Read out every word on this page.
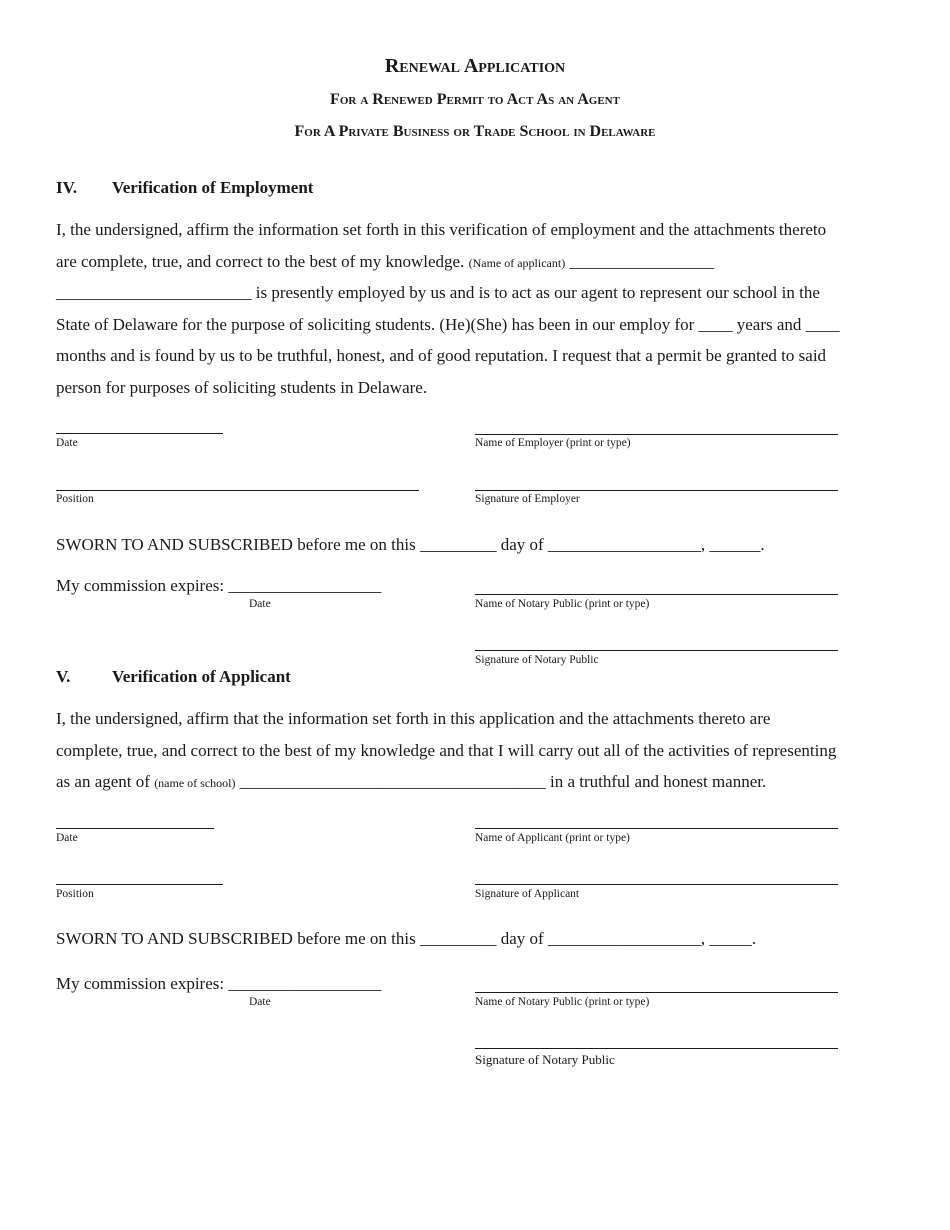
Renewal Application
For a Renewed Permit to Act As an Agent
For A Private Business or Trade School in Delaware
IV. Verification of Employment
I, the undersigned, affirm the information set forth in this verification of employment and the attachments thereto
are complete, true, and correct to the best of my knowledge. (Name of applicant) _________________
_______________________ is presently employed by us and is to act as our agent to represent our school in the
State of Delaware for the purpose of soliciting students. (He)(She) has been in our employ for ____ years and ____
months and is found by us to be truthful, honest, and of good reputation. I request that a permit be granted to said
person for purposes of soliciting students in Delaware.
Date	Name of Employer (print or type)
Position	Signature of Employer
SWORN TO AND SUBSCRIBED before me on this _________ day of __________________, ______.
My commission expires: __________________
Date	Name of Notary Public (print or type)
Signature of Notary Public
V. Verification of Applicant
I, the undersigned, affirm that the information set forth in this application and the attachments thereto are
complete, true, and correct to the best of my knowledge and that I will carry out all of the activities of representing
as an agent of (name of school) ____________________________________ in a truthful and honest manner.
Date	Name of Applicant (print or type)
Position	Signature of Applicant
SWORN TO AND SUBSCRIBED before me on this _________ day of __________________, _____.
My commission expires: __________________
Date	Name of Notary Public (print or type)
Signature of Notary Public
